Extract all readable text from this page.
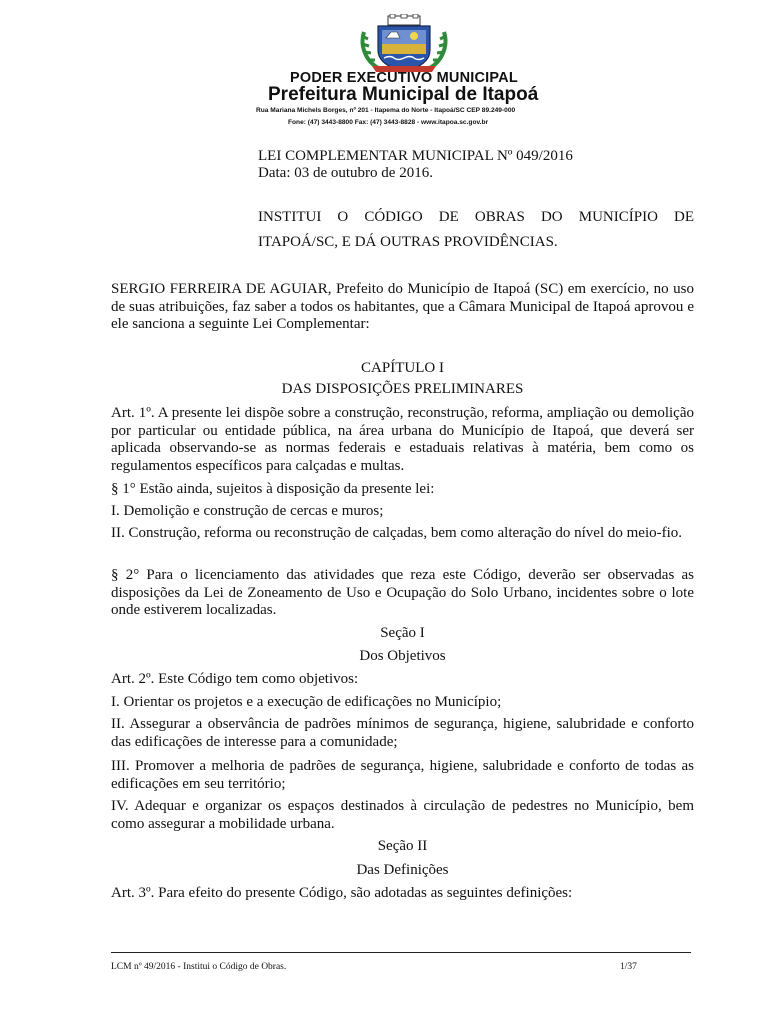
PODER EXECUTIVO MUNICIPAL
Prefeitura Municipal de Itapoá
Rua Mariana Michels Borges, nº 201 - Itapema do Norte - Itapoá/SC CEP 89.249-000
Fone: (47) 3443-8800 Fax: (47) 3443-8828 - www.itapoa.sc.gov.br
LEI COMPLEMENTAR MUNICIPAL Nº 049/2016
Data: 03 de outubro de 2016.
INSTITUI O CÓDIGO DE OBRAS DO MUNICÍPIO DE
ITAPOÁ/SC, E DÁ OUTRAS PROVIDÊNCIAS.
SERGIO FERREIRA DE AGUIAR, Prefeito do Município de Itapoá (SC) em exercício, no uso de suas atribuições, faz saber a todos os habitantes, que a Câmara Municipal de Itapoá aprovou e ele sanciona a seguinte Lei Complementar:
CAPÍTULO I
DAS DISPOSIÇÕES PRELIMINARES
Art. 1º. A presente lei dispõe sobre a construção, reconstrução, reforma, ampliação ou demolição por particular ou entidade pública, na área urbana do Município de Itapoá, que deverá ser aplicada observando-se as normas federais e estaduais relativas à matéria, bem como os regulamentos específicos para calçadas e multas.
§ 1° Estão ainda, sujeitos à disposição da presente lei:
I. Demolição e construção de cercas e muros;
II. Construção, reforma ou reconstrução de calçadas, bem como alteração do nível do meio-fio.
§ 2° Para o licenciamento das atividades que reza este Código, deverão ser observadas as disposições da Lei de Zoneamento de Uso e Ocupação do Solo Urbano, incidentes sobre o lote onde estiverem localizadas.
Seção I
Dos Objetivos
Art. 2º. Este Código tem como objetivos:
I. Orientar os projetos e a execução de edificações no Município;
II. Assegurar a observância de padrões mínimos de segurança, higiene, salubridade e conforto das edificações de interesse para a comunidade;
III. Promover a melhoria de padrões de segurança, higiene, salubridade e conforto de todas as edificações em seu território;
IV. Adequar e organizar os espaços destinados à circulação de pedestres no Município, bem como assegurar a mobilidade urbana.
Seção II
Das Definições
Art. 3º. Para efeito do presente Código, são adotadas as seguintes definições:
LCM nº 49/2016 - Institui o Código de Obras.	1/37
